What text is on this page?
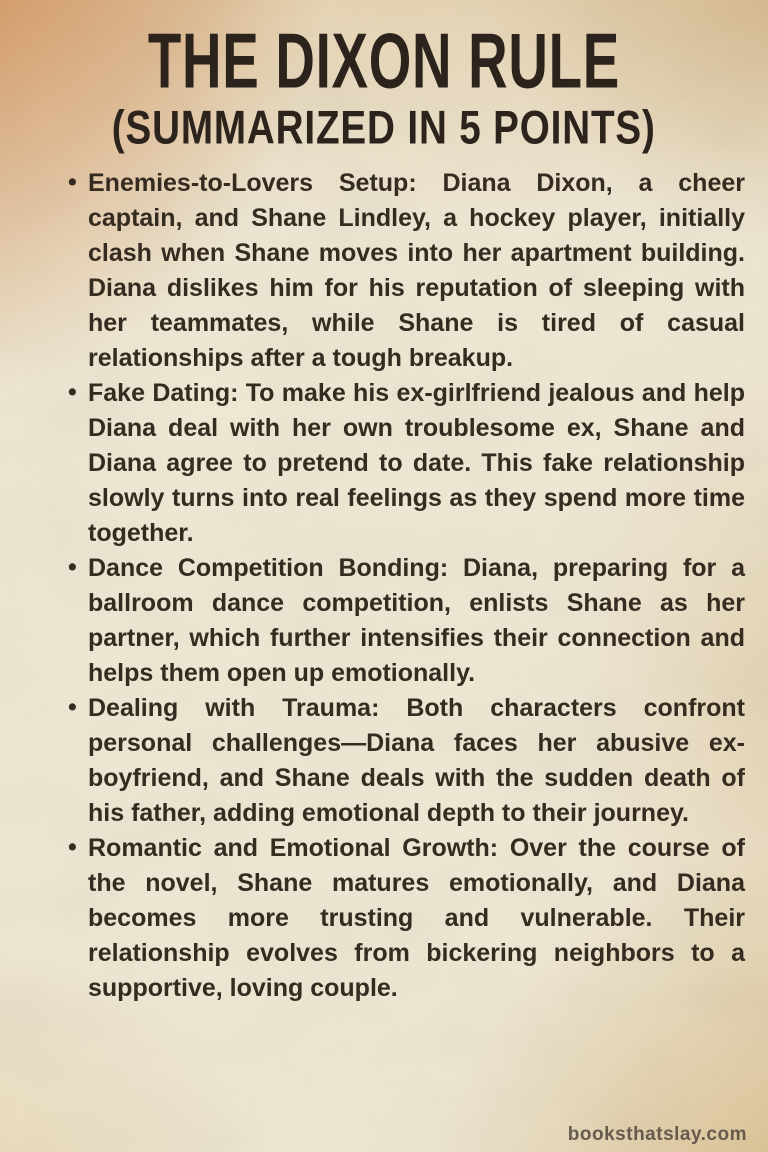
THE DIXON RULE
(SUMMARIZED IN 5 POINTS)
• Enemies-to-Lovers Setup: Diana Dixon, a cheer captain, and Shane Lindley, a hockey player, initially clash when Shane moves into her apartment building. Diana dislikes him for his reputation of sleeping with her teammates, while Shane is tired of casual relationships after a tough breakup.
• Fake Dating: To make his ex-girlfriend jealous and help Diana deal with her own troublesome ex, Shane and Diana agree to pretend to date. This fake relationship slowly turns into real feelings as they spend more time together.
• Dance Competition Bonding: Diana, preparing for a ballroom dance competition, enlists Shane as her partner, which further intensifies their connection and helps them open up emotionally.
• Dealing with Trauma: Both characters confront personal challenges—Diana faces her abusive ex-boyfriend, and Shane deals with the sudden death of his father, adding emotional depth to their journey.
• Romantic and Emotional Growth: Over the course of the novel, Shane matures emotionally, and Diana becomes more trusting and vulnerable. Their relationship evolves from bickering neighbors to a supportive, loving couple.
booksthatslay.com
